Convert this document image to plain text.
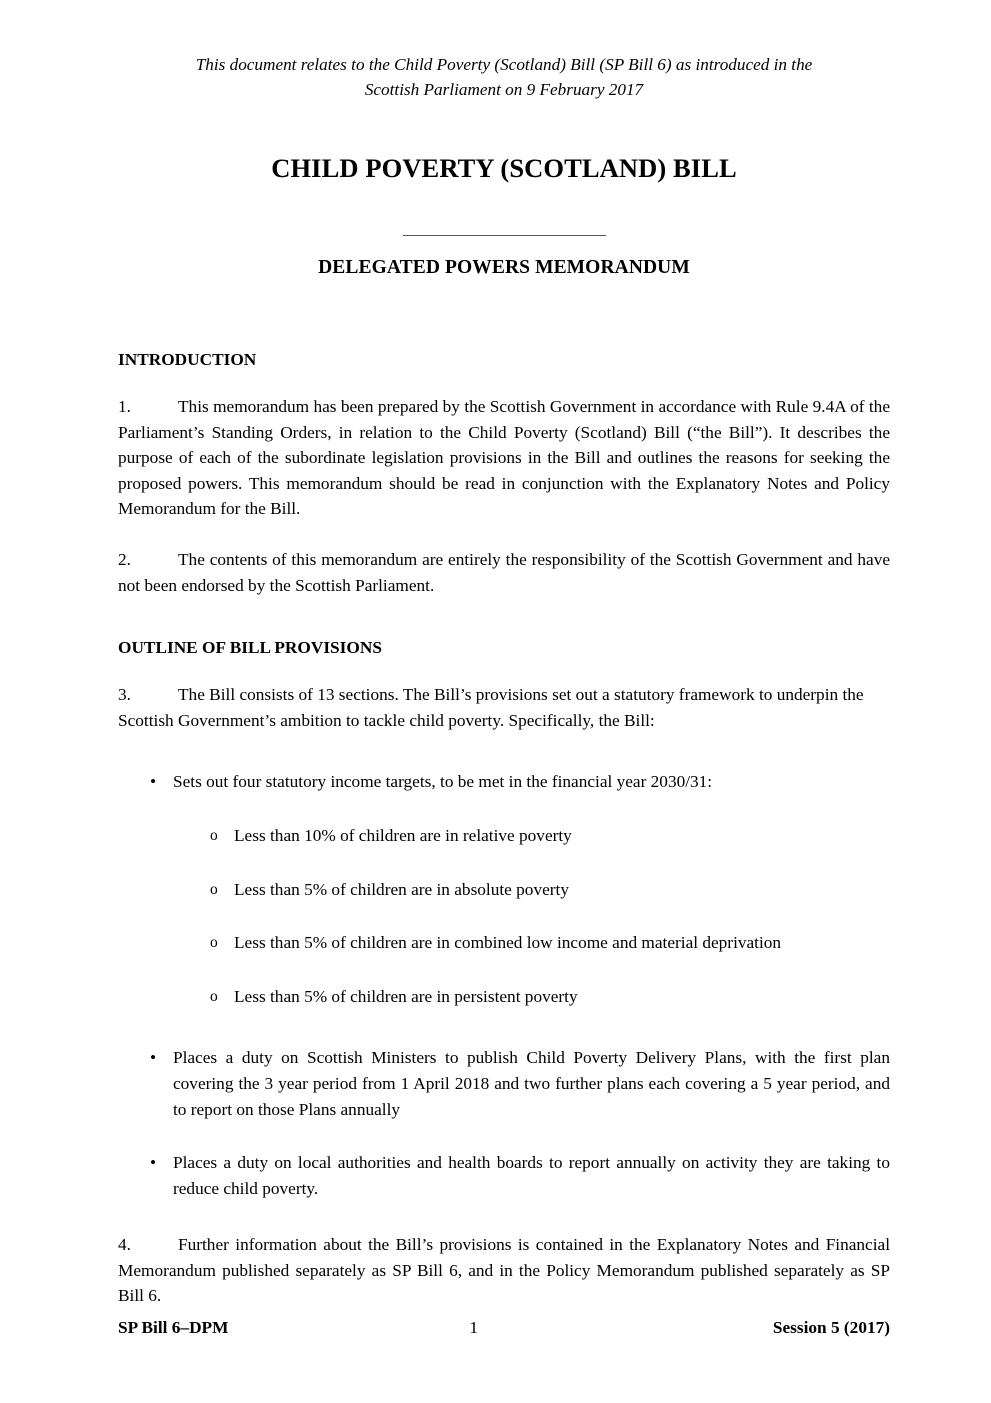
This document relates to the Child Poverty (Scotland) Bill (SP Bill 6) as introduced in the
Scottish Parliament on 9 February 2017
CHILD POVERTY (SCOTLAND) BILL
DELEGATED POWERS MEMORANDUM
INTRODUCTION

1.	This memorandum has been prepared by the Scottish Government in accordance with Rule 9.4A of the Parliament’s Standing Orders, in relation to the Child Poverty (Scotland) Bill (“the Bill”). It describes the purpose of each of the subordinate legislation provisions in the Bill and outlines the reasons for seeking the proposed powers. This memorandum should be read in conjunction with the Explanatory Notes and Policy Memorandum for the Bill.

2.	The contents of this memorandum are entirely the responsibility of the Scottish Government and have not been endorsed by the Scottish Parliament.

OUTLINE OF BILL PROVISIONS

3.	The Bill consists of 13 sections. The Bill’s provisions set out a statutory framework to underpin the Scottish Government’s ambition to tackle child poverty. Specifically, the Bill:

• Sets out four statutory income targets, to be met in the financial year 2030/31:
o Less than 10% of children are in relative poverty
o Less than 5% of children are in absolute poverty
o Less than 5% of children are in combined low income and material deprivation
o Less than 5% of children are in persistent poverty
• Places a duty on Scottish Ministers to publish Child Poverty Delivery Plans, with the first plan covering the 3 year period from 1 April 2018 and two further plans each covering a 5 year period, and to report on those Plans annually
• Places a duty on local authorities and health boards to report annually on activity they are taking to reduce child poverty.

4.	Further information about the Bill’s provisions is contained in the Explanatory Notes and Financial Memorandum published separately as SP Bill 6, and in the Policy Memorandum published separately as SP Bill 6.

SP Bill 6–DPM	1	Session 5 (2017)
